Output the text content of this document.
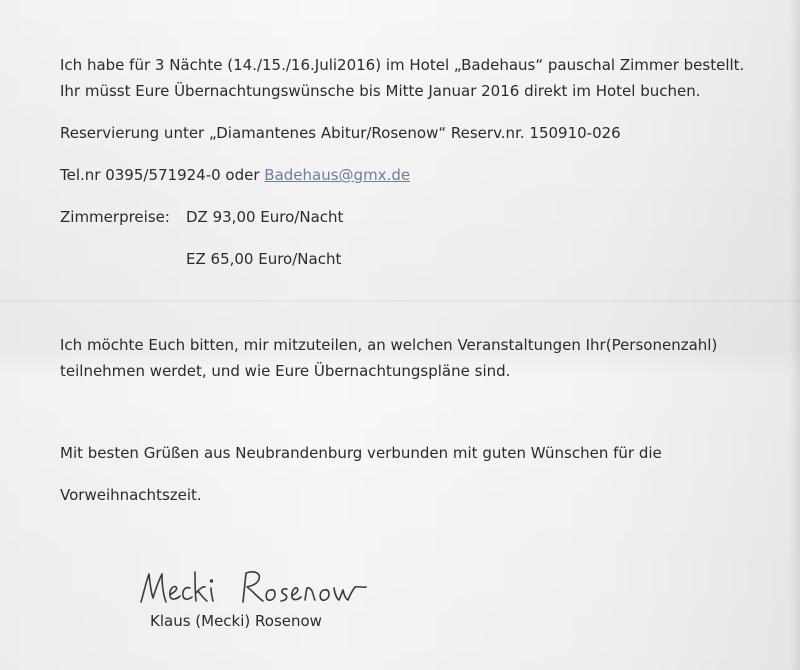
Ich habe für 3 Nächte (14./15./16.Juli2016) im Hotel „Badehaus“ pauschal Zimmer bestellt.
Ihr müsst Eure Übernachtungswünsche bis Mitte Januar 2016 direkt im Hotel buchen.
Reservierung unter „Diamantenes Abitur/Rosenow“ Reserv.nr. 150910-026
Tel.nr 0395/571924-0 oder Badehaus@gmx.de
Zimmerpreise: DZ 93,00 Euro/Nacht
EZ 65,00 Euro/Nacht
Ich möchte Euch bitten, mir mitzuteilen, an welchen Veranstaltungen Ihr(Personenzahl)
teilnehmen werdet, und wie Eure Übernachtungspläne sind.
Mit besten Grüßen aus Neubrandenburg verbunden mit guten Wünschen für die
Vorweihnachtszeit.
Klaus (Mecki) Rosenow
